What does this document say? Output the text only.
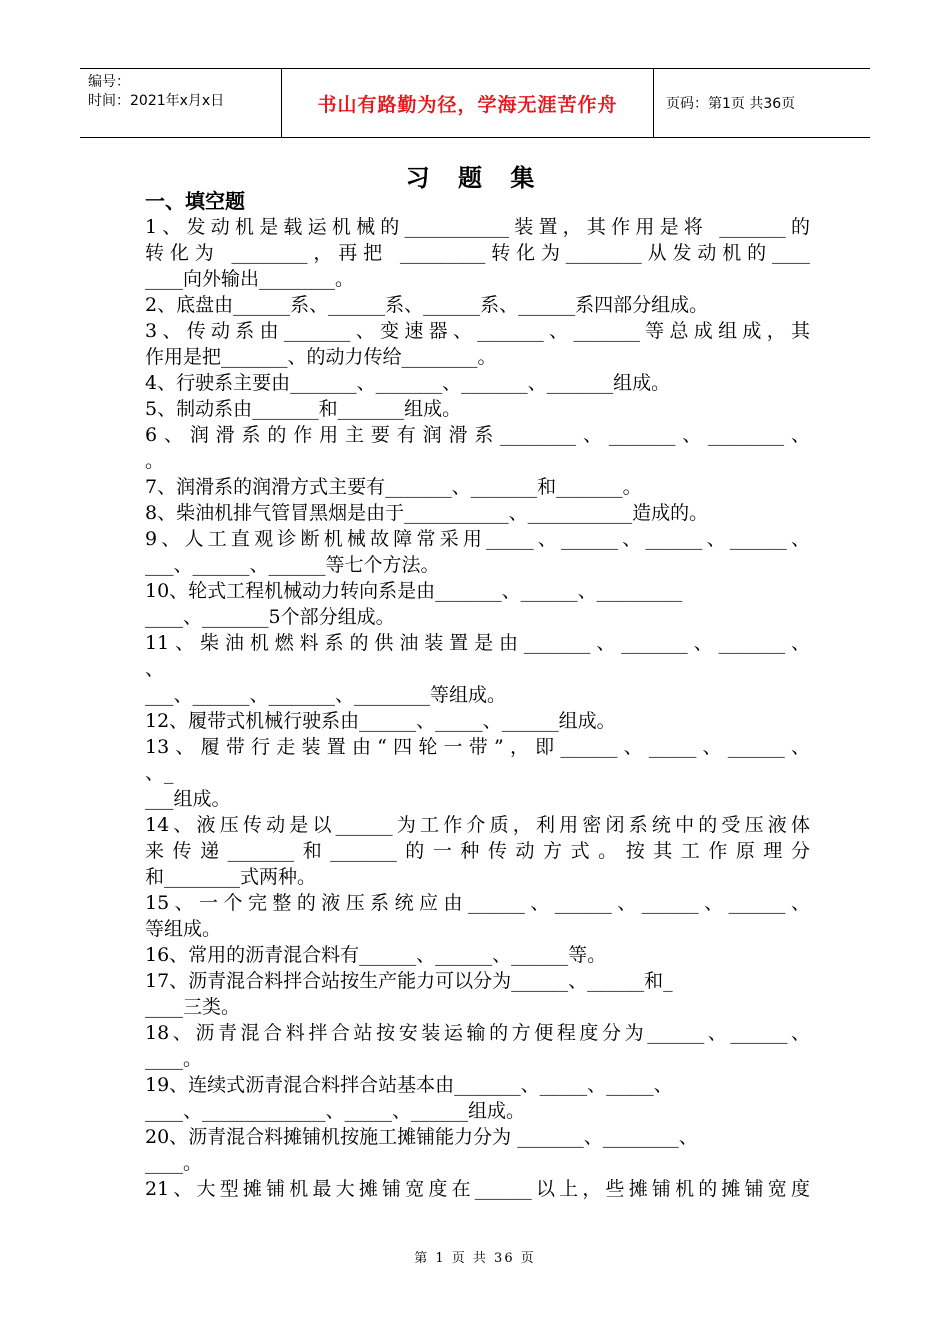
编号：
时间：2021年x月x日	书山有路勤为径，学海无涯苦作舟	页码：第1页 共36页
习 题 集

一、填空题

1、发动机是载运机械的___________装置，其作用是将 _______的

转化为 ________，再把 _________转化为________从发动机的____

____向外输出________。

2、底盘由______系、______系、______系、______系四部分组成。

3、传动系由_______、变速器、_______、_______等总成组成，其

作用是把_______、的动力传给________。

4、行驶系主要由_______、_______、_______、_______组成。

5、制动系由_______和_______组成。

6、润滑系的作用主要有润滑系________、_______、________、

。

7、润滑系的润滑方式主要有_______、_______和_______。

8、柴油机排气管冒黑烟是由于___________、___________造成的。

9、人工直观诊断机械故障常采用_____、______、______、______、

___、______、______等七个方法。

10、轮式工程机械动力转向系是由_______、______、_________

____、_______5个部分组成。

11、柴油机燃料系的供油装置是由_______、_______、_______、

、

___、______、_______、________等组成。

12、履带式机械行驶系由______、_____、______组成。

13、履带行走装置由“四轮一带”，即______、_____、______、

、_

___组成。

14、液压传动是以______为工作介质，利用密闭系统中的受压液体

来传递_______和_______的一种传动方式。按其工作原理分

和________式两种。

15、一个完整的液压系统应由______、______、______、______、

等组成。

16、常用的沥青混合料有______、______、______等。

17、沥青混合料拌合站按生产能力可以分为______、______和_

____三类。

18、沥青混合料拌合站按安装运输的方便程度分为______、______、

____。

19、连续式沥青混合料拌合站基本由_______、_____、_____、

____、_____________、_____、______组成。

20、沥青混合料摊铺机按施工摊铺能力分为 _______、________、

____。

21、大型摊铺机最大摊铺宽度在______以上，些摊铺机的摊铺宽度

第 1 页 共 36 页
